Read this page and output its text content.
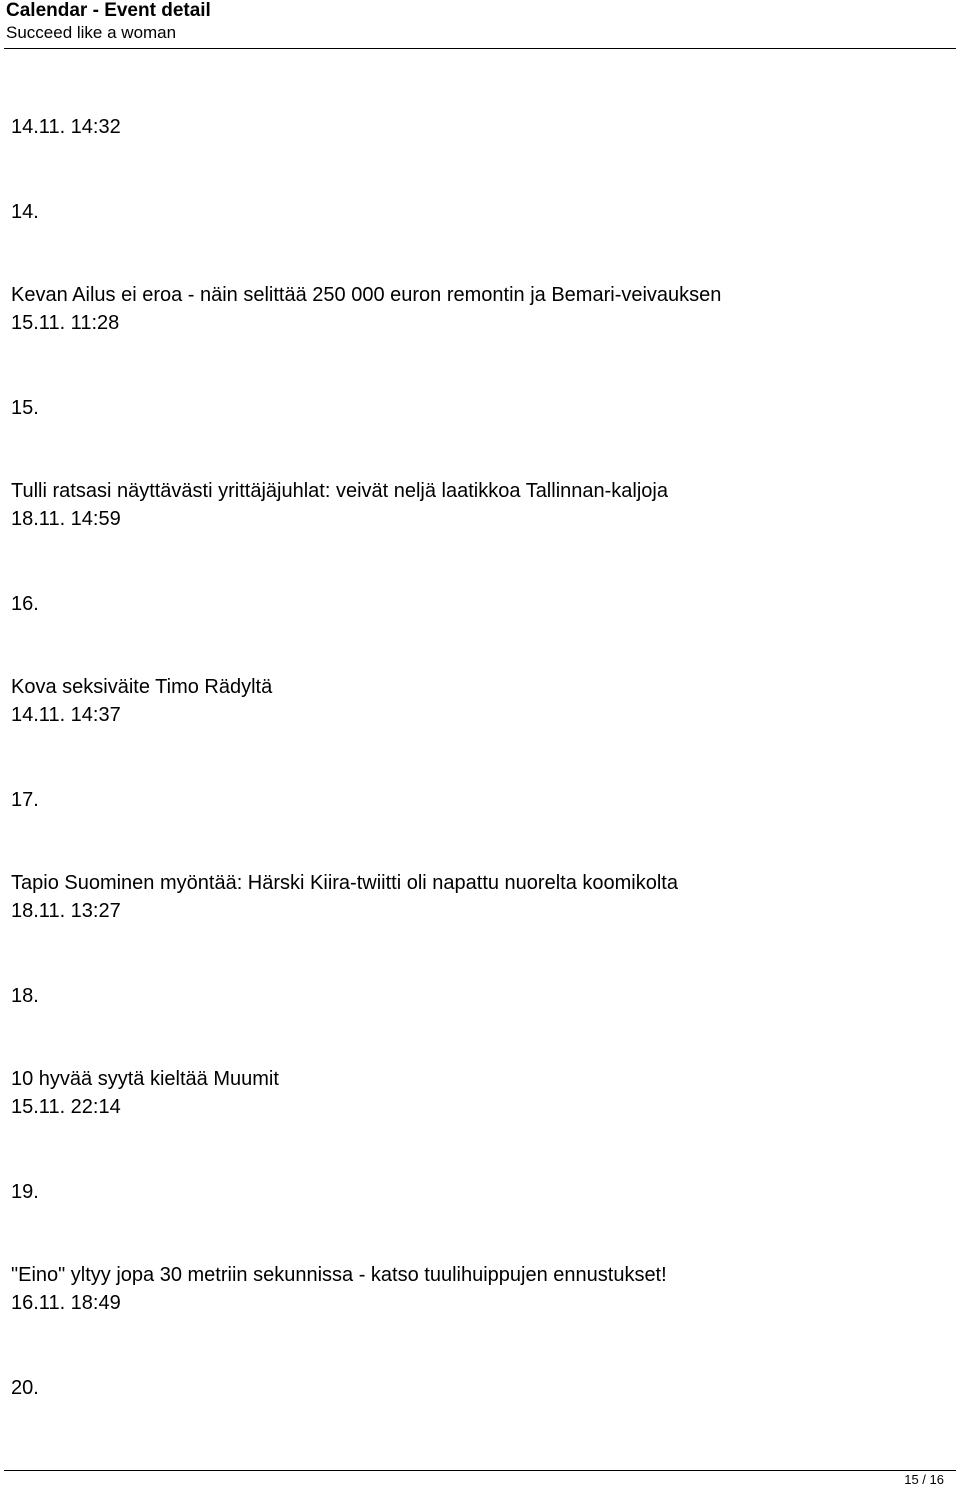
Calendar - Event detail
Succeed like a woman
14.11. 14:32
14.
Kevan Ailus ei eroa - näin selittää 250 000 euron remontin ja Bemari-veivauksen
15.11. 11:28
15.
Tulli ratsasi näyttävästi yrittäjäjuhlat: veivät neljä laatikkoa Tallinnan-kaljoja
18.11. 14:59
16.
Kova seksiväite Timo Rädyltä
14.11. 14:37
17.
Tapio Suominen myöntää: Härski Kiira-twiitti oli napattu nuorelta koomikolta
18.11. 13:27
18.
10 hyvää syytä kieltää Muumit
15.11. 22:14
19.
"Eino" yltyy jopa 30 metriin sekunnissa - katso tuulihuippujen ennustukset!
16.11. 18:49
20.
15 / 16
